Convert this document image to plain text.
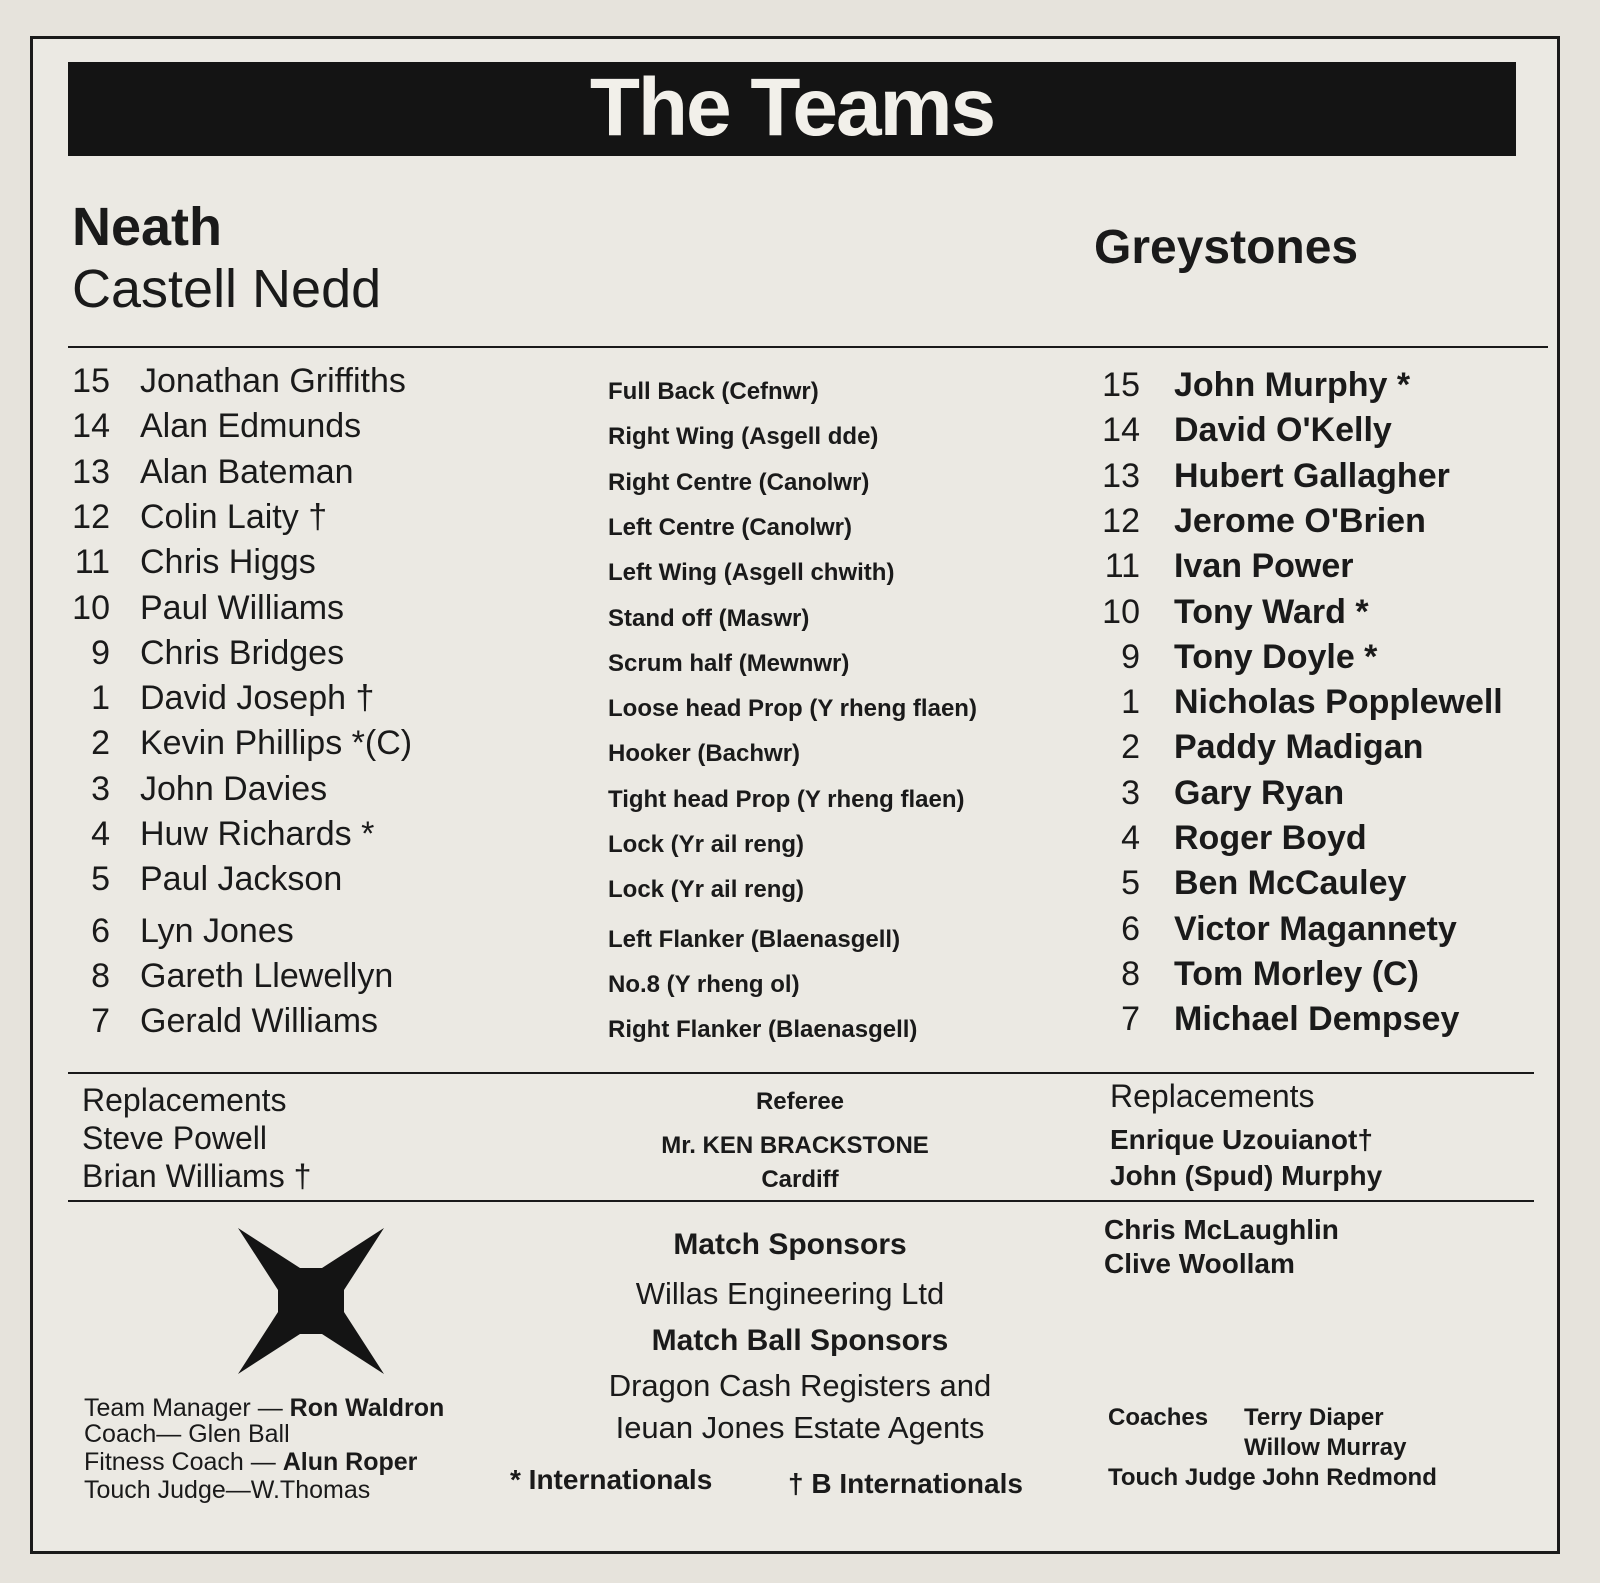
The Teams
Neath
Castell Nedd
Greystones
15 Jonathan Griffiths
14 Alan Edmunds
13 Alan Bateman
12 Colin Laity †
11 Chris Higgs
10 Paul Williams
9 Chris Bridges
1 David Joseph †
2 Kevin Phillips *(C)
3 John Davies
4 Huw Richards *
5 Paul Jackson
6 Lyn Jones
8 Gareth Llewellyn
7 Gerald Williams
Full Back (Cefnwr)
Right Wing (Asgell dde)
Right Centre (Canolwr)
Left Centre (Canolwr)
Left Wing (Asgell chwith)
Stand off (Maswr)
Scrum half (Mewnwr)
Loose head Prop (Y rheng flaen)
Hooker (Bachwr)
Tight head Prop (Y rheng flaen)
Lock (Yr ail reng)
Lock (Yr ail reng)
Left Flanker (Blaenasgell)
No.8 (Y rheng ol)
Right Flanker (Blaenasgell)
15 John Murphy *
14 David O'Kelly
13 Hubert Gallagher
12 Jerome O'Brien
11 Ivan Power
10 Tony Ward *
9 Tony Doyle *
1 Nicholas Popplewell
2 Paddy Madigan
3 Gary Ryan
4 Roger Boyd
5 Ben McCauley
6 Victor Magannety
8 Tom Morley (C)
7 Michael Dempsey
Replacements
Steve Powell
Brian Williams †
Referee
Mr. KEN BRACKSTONE
Cardiff
Replacements
Enrique Uzouianot†
John (Spud) Murphy
Chris McLaughlin
Clive Woollam
Match Sponsors
Willas Engineering Ltd
Match Ball Sponsors
Dragon Cash Registers and
Ieuan Jones Estate Agents
* Internationals	† B Internationals
Team Manager — Ron Waldron
Coach— Glen Ball
Fitness Coach — Alun Roper
Touch Judge—W.Thomas
Coaches Terry Diaper
Willow Murray
Touch Judge John Redmond
